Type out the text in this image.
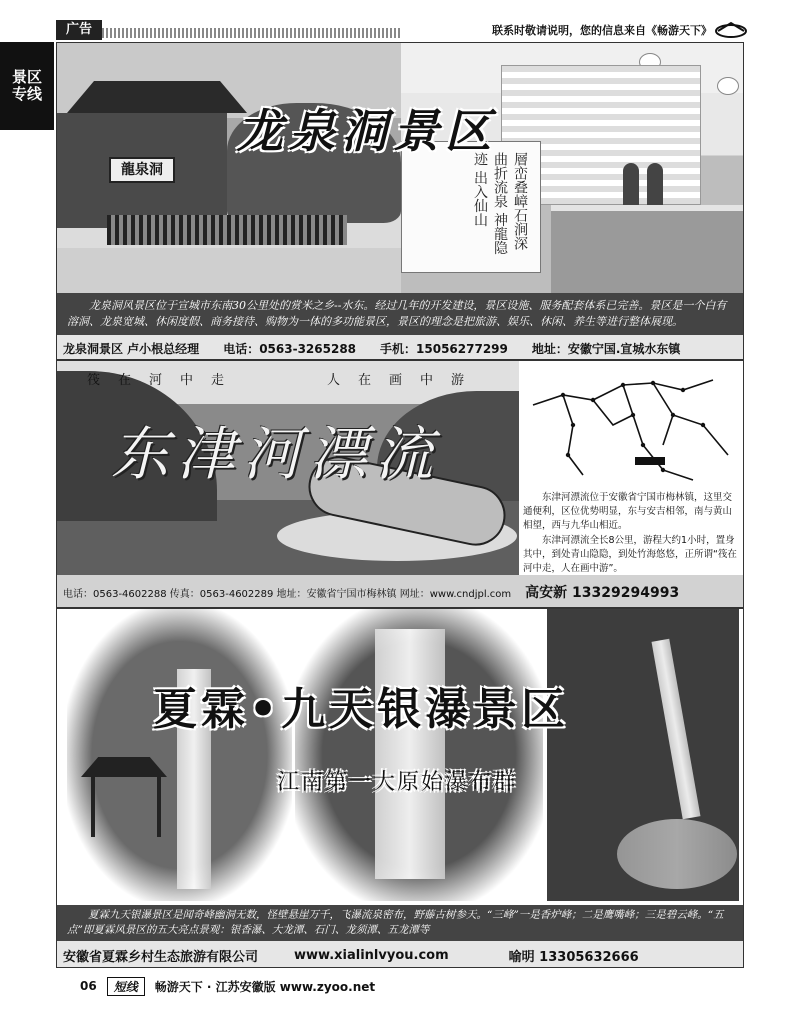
广告	联系时敬请说明，您的信息来自《畅游天下》
景区
专线
龍泉洞	層峦叠嶂石涧深 曲折流泉 神龍隐迹 出入仙山
龙泉洞景区
龙泉洞风景区位于宣城市东南30公里处的赏米之乡--水东。经过几年的开发建设，景区设施、服务配套体系已完善。景区是一个白有溶洞、龙泉宽城、休闲度假、商务接待、购物为一体的多功能景区，景区的理念是把旅游、娱乐、休闲、养生等进行整体展现。
龙泉洞景区 卢小根总经理 电话：0563-3265288 手机：15056277299 地址：安徽宁国.宣城水东镇
筏在河中走	人在画中游
东津河漂流

东津河漂流位于安徽省宁国市梅林镇，这里交通便利，区位优势明显，东与安吉相邻，南与黄山相望，西与九华山相近。

东津河漂流全长8公里，游程大约1小时，置身其中，到处青山隐隐，到处竹海悠悠，正所谓“筏在河中走，人在画中游”。

电话：0563-4602288 传真：0563-4602289 地址：安徽省宁国市梅林镇 网址：www.cndjpl.com 高安新 13329294993
夏霖•九天银瀑景区
江南第一大原始瀑布群
夏霖九天银瀑景区是闻奇峰幽洞无数，怪壁悬崖万千，飞瀑流泉密布，野藤古树参天。“三峰”一是香炉峰；二是鹰嘴峰；三是碧云峰。“五点”即夏霖风景区的五大亮点景观：银香瀑、大龙潭、石门、龙须潭、五龙潭等
安徽省夏霖乡村生态旅游有限公司	www.xialinlvyou.com	喻明 13305632666
06	短线	畅游天下 · 江苏安徽版 www.zyoo.net
